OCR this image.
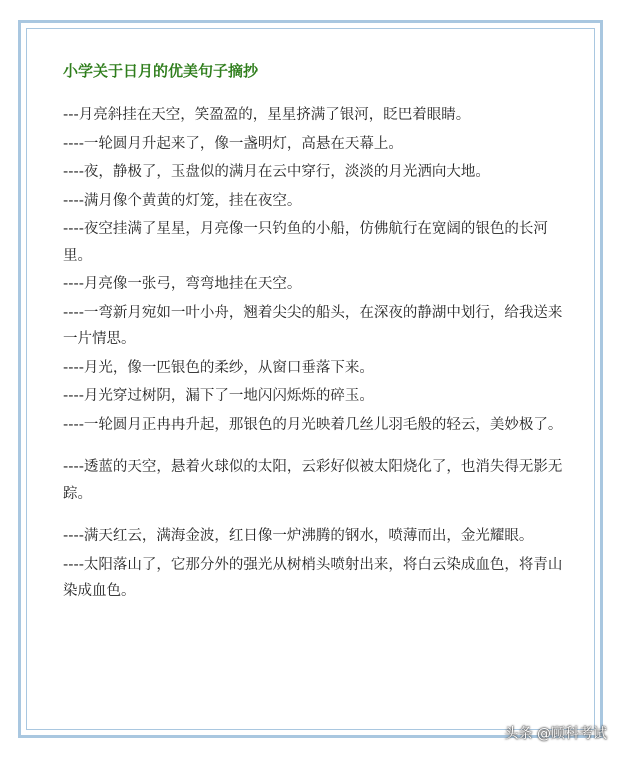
小学关于日月的优美句子摘抄
---月亮斜挂在天空，笑盈盈的，星星挤满了银河，眨巴着眼睛。
----一轮圆月升起来了，像一盏明灯，高悬在天幕上。
----夜，静极了，玉盘似的满月在云中穿行，淡淡的月光洒向大地。
----满月像个黄黄的灯笼，挂在夜空。
----夜空挂满了星星，月亮像一只钓鱼的小船，仿佛航行在宽阔的银色的长河里。
----月亮像一张弓，弯弯地挂在天空。
----一弯新月宛如一叶小舟，翘着尖尖的船头，在深夜的静湖中划行，给我送来一片情思。
----月光，像一匹银色的柔纱，从窗口垂落下来。
----月光穿过树阴，漏下了一地闪闪烁烁的碎玉。
----一轮圆月正冉冉升起，那银色的月光映着几丝儿羽毛般的轻云，美妙极了。
----透蓝的天空，悬着火球似的太阳，云彩好似被太阳烧化了，也消失得无影无踪。
----满天红云，满海金波，红日像一炉沸腾的钢水，喷薄而出，金光耀眼。
----太阳落山了，它那分外的强光从树梢头喷射出来，将白云染成血色，将青山染成血色。
头条 @顾科考试
